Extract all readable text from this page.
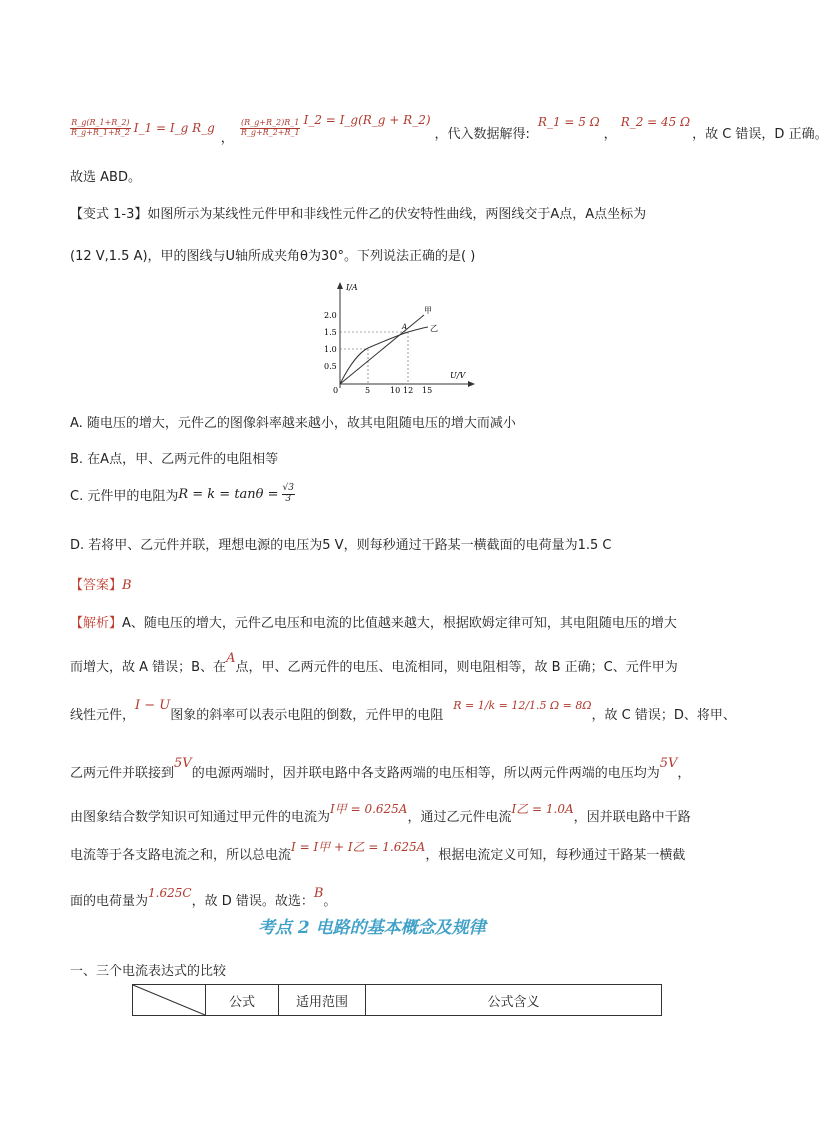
$\frac{R\_g(R\_1+R\_2)}{R\_g+R\_1+R\_2}$ I_1 = I_g R_g
，
$\frac{(R\_g+R\_2)R\_1}{R\_g+R\_2+R\_1}$ I_2 = I_g(R_g + R_2)
，代入数据解得:
R_1 = 5 Ω
，
R_2 = 45 Ω
，故 C 错误，D 正确。
故选 ABD。
【变式 1-3】如图所示为某线性元件甲和非线性元件乙的伏安特性曲线，两图线交于A点，A点坐标为
(12 V,1.5 A)，甲的图线与U轴所成夹角θ为30°。下列说法正确的是( )
I/A
U/V
0
2.0
1.5
1.0
0.5
5 10 12 15
甲
乙
A
A. 随电压的增大，元件乙的图像斜率越来越小，故其电阻随电压的增大而减小
B. 在A点，甲、乙两元件的电阻相等
C. 元件甲的电阻为 $R = k = \tan\theta = \frac{√3}{3}$
D. 若将甲、乙元件并联，理想电源的电压为5 V，则每秒通过干路某一横截面的电荷量为1.5 C
【答案】B
【解析】A、随电压的增大，元件乙电压和电流的比值越来越大，根据欧姆定律可知，其电阻随电压的增大
而增大，故 A 错误；B、在A点，甲、乙两元件的电压、电流相同，则电阻相等，故 B 正确；C、元件甲为
线性元件，I − U图象的斜率可以表示电阻的倒数，元件甲的电阻$^{R = 1/k = 12/1.5 \Omega = 8\Omega}$，故 C 错误；D、将甲、
乙两元件并联接到5V的电源两端时，因并联电路中各支路两端的电压相等，所以两元件两端的电压均为5V，
由图象结合数学知识可知通过甲元件的电流为I甲 = 0.625A，通过乙元件电流I乙 = 1.0A，因并联电路中干路
电流等于各支路电流之和，所以总电流I = I甲 + I乙 = 1.625A，根据电流定义可知，每秒通过干路某一横截
面的电荷量为1.625C，故 D 错误。故选：B。
考点 2 电路的基本概念及规律
一、三个电流表达式的比较
	公式	适用范围	公式含义
